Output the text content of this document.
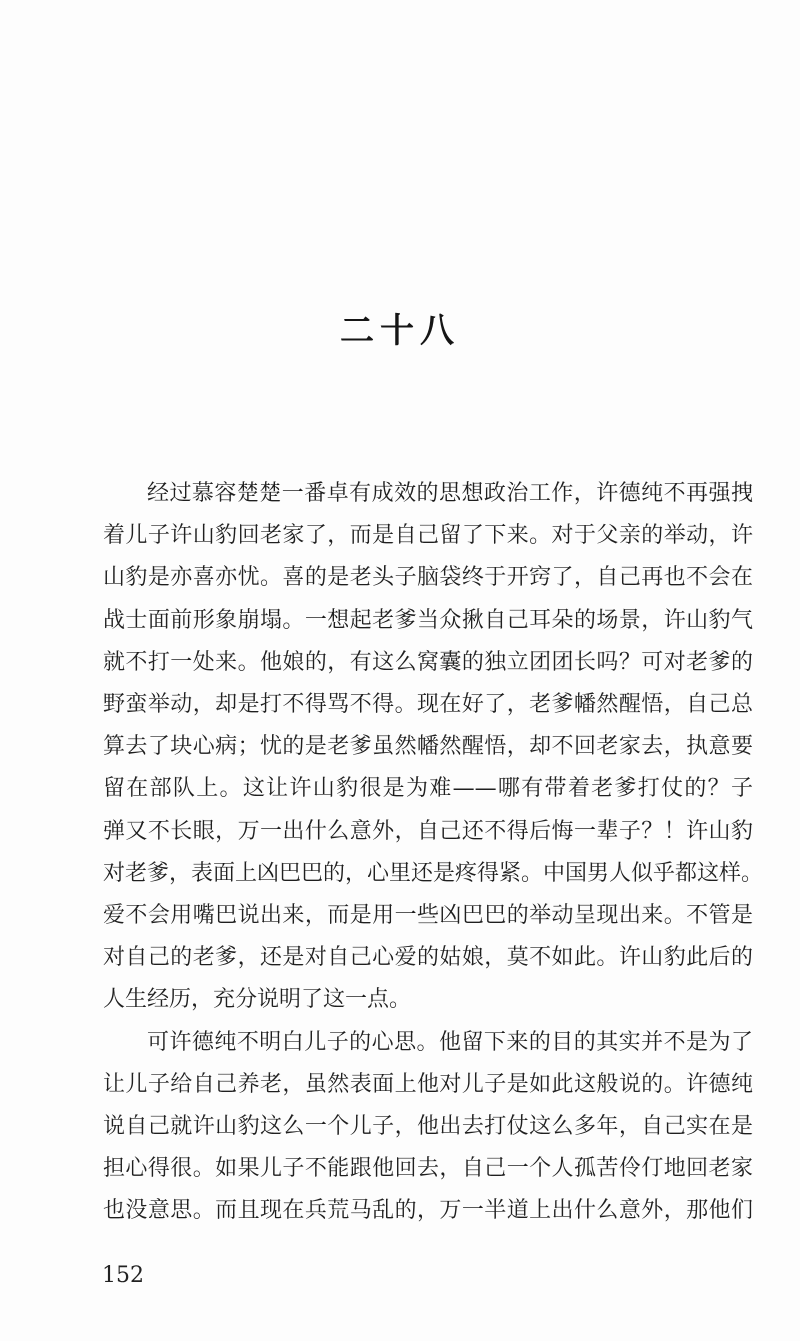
二十八
经过慕容楚楚一番卓有成效的思想政治工作，许德纯不再强拽
着儿子许山豹回老家了，而是自己留了下来。对于父亲的举动，许
山豹是亦喜亦忧。喜的是老头子脑袋终于开窍了，自己再也不会在
战士面前形象崩塌。一想起老爹当众揪自己耳朵的场景，许山豹气
就不打一处来。他娘的，有这么窝囊的独立团团长吗？可对老爹的
野蛮举动，却是打不得骂不得。现在好了，老爹幡然醒悟，自己总
算去了块心病；忧的是老爹虽然幡然醒悟，却不回老家去，执意要
留在部队上。这让许山豹很是为难——哪有带着老爹打仗的？子
弹又不长眼，万一出什么意外，自己还不得后悔一辈子？！许山豹
对老爹，表面上凶巴巴的，心里还是疼得紧。中国男人似乎都这样。
爱不会用嘴巴说出来，而是用一些凶巴巴的举动呈现出来。不管是
对自己的老爹，还是对自己心爱的姑娘，莫不如此。许山豹此后的
人生经历，充分说明了这一点。
可许德纯不明白儿子的心思。他留下来的目的其实并不是为了
让儿子给自己养老，虽然表面上他对儿子是如此这般说的。许德纯
说自己就许山豹这么一个儿子，他出去打仗这么多年，自己实在是
担心得很。如果儿子不能跟他回去，自己一个人孤苦伶仃地回老家
也没意思。而且现在兵荒马乱的，万一半道上出什么意外，那他们
152
